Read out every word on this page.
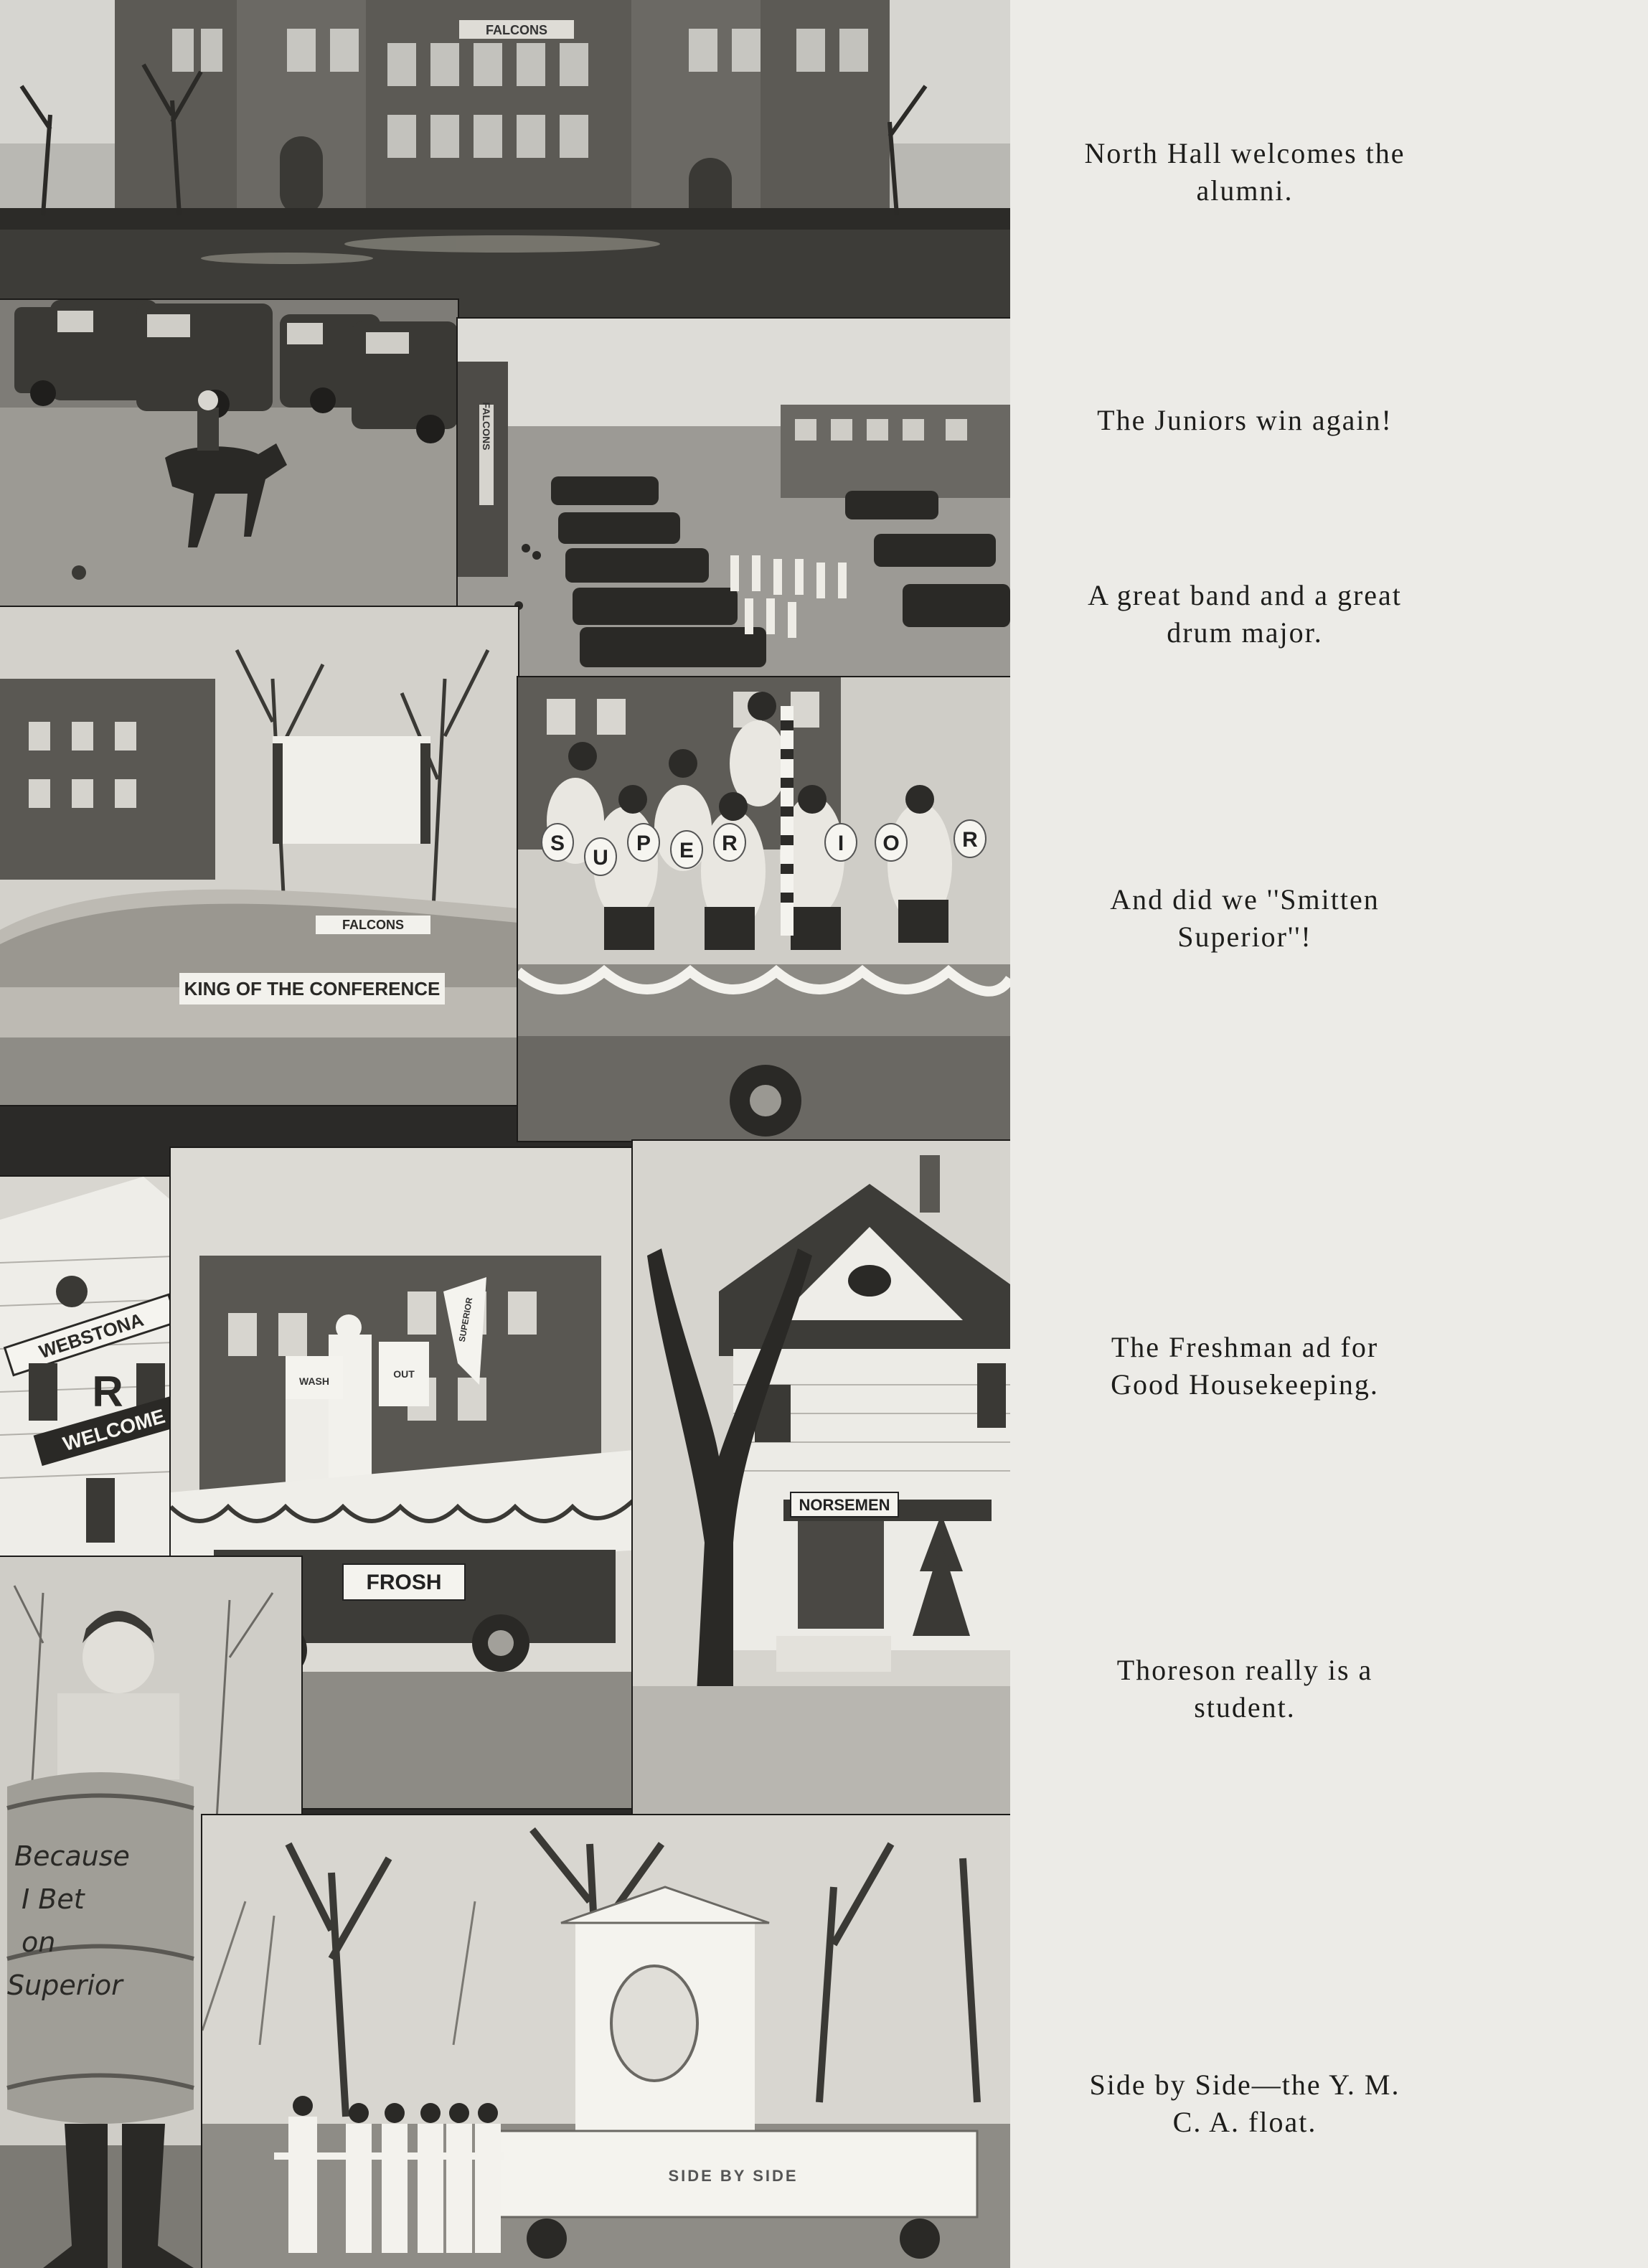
FALCONS
FALCONS
KING OF THE CONFERENCE
FALCONS
S
U
P E R	I O	R
WEBSTONA
R
WELCOME
WASH
OUT
SUPERIOR
FROSH
NORSEMEN
Because
I Bet
on
Superior
SIDE BY SIDE
North Hall welcomes the
alumni.
The Juniors win again!
A great band and a great
drum major.
And did we ''Smitten
Superior''!
The Freshman ad for
Good Housekeeping.
Thoreson really is a
student.
Side by Side—the Y. M.
C. A. float.
